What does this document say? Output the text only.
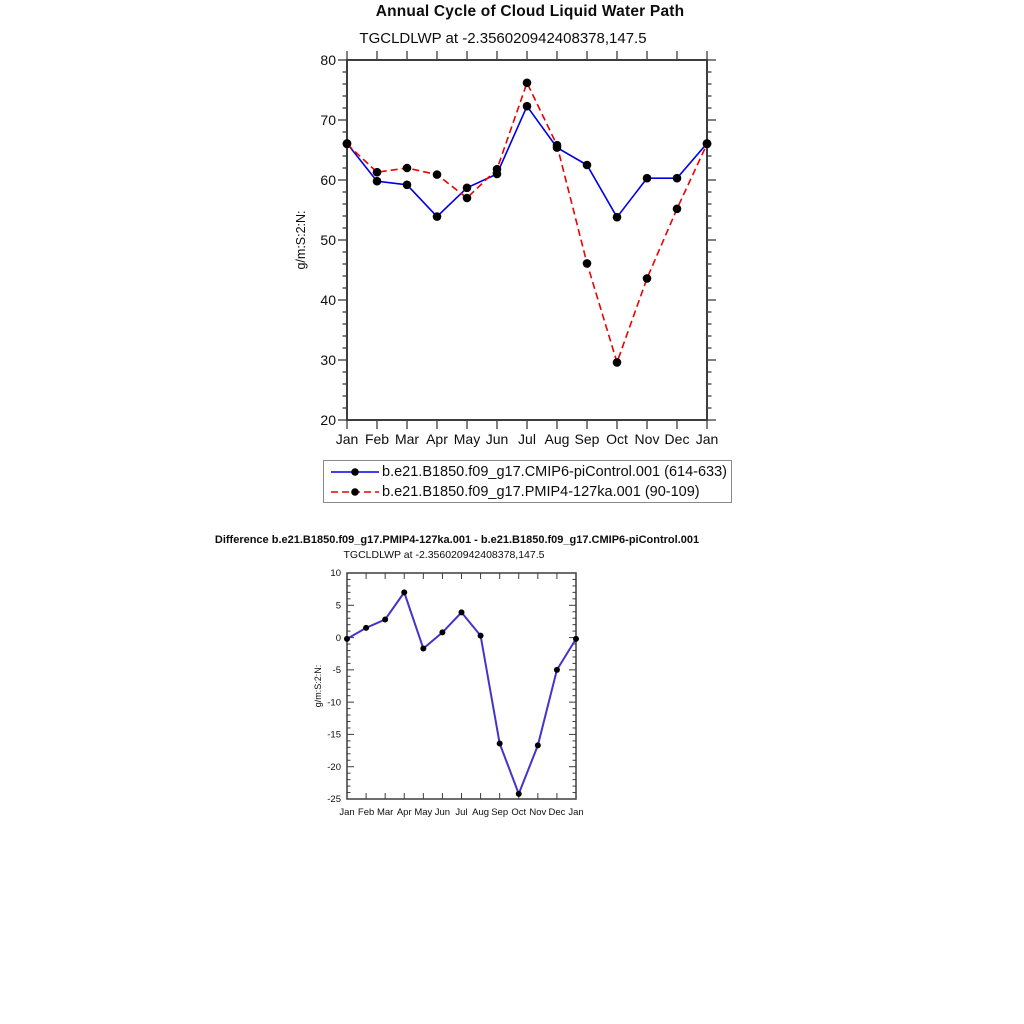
Annual Cycle of Cloud Liquid Water Path
TGCLDLWP at -2.356020942408378,147.5
g/m:S:2:N:
Jan Feb Mar Apr May Jun Jul Aug Sep Oct Nov Dec Jan
20
30
40
50
60
70
80
b.e21.B1850.f09_g17.CMIP6-piControl.001 (614-633)
b.e21.B1850.f09_g17.PMIP4-127ka.001 (90-109)
Difference b.e21.B1850.f09_g17.PMIP4-127ka.001 - b.e21.B1850.f09_g17.CMIP6-piControl.001
TGCLDLWP at -2.356020942408378,147.5
g/m:S:2:N:
Jan Feb Mar Apr May Jun Jul Aug Sep Oct Nov Dec Jan
10
5
0
-5
-10
-15
-20
-25
